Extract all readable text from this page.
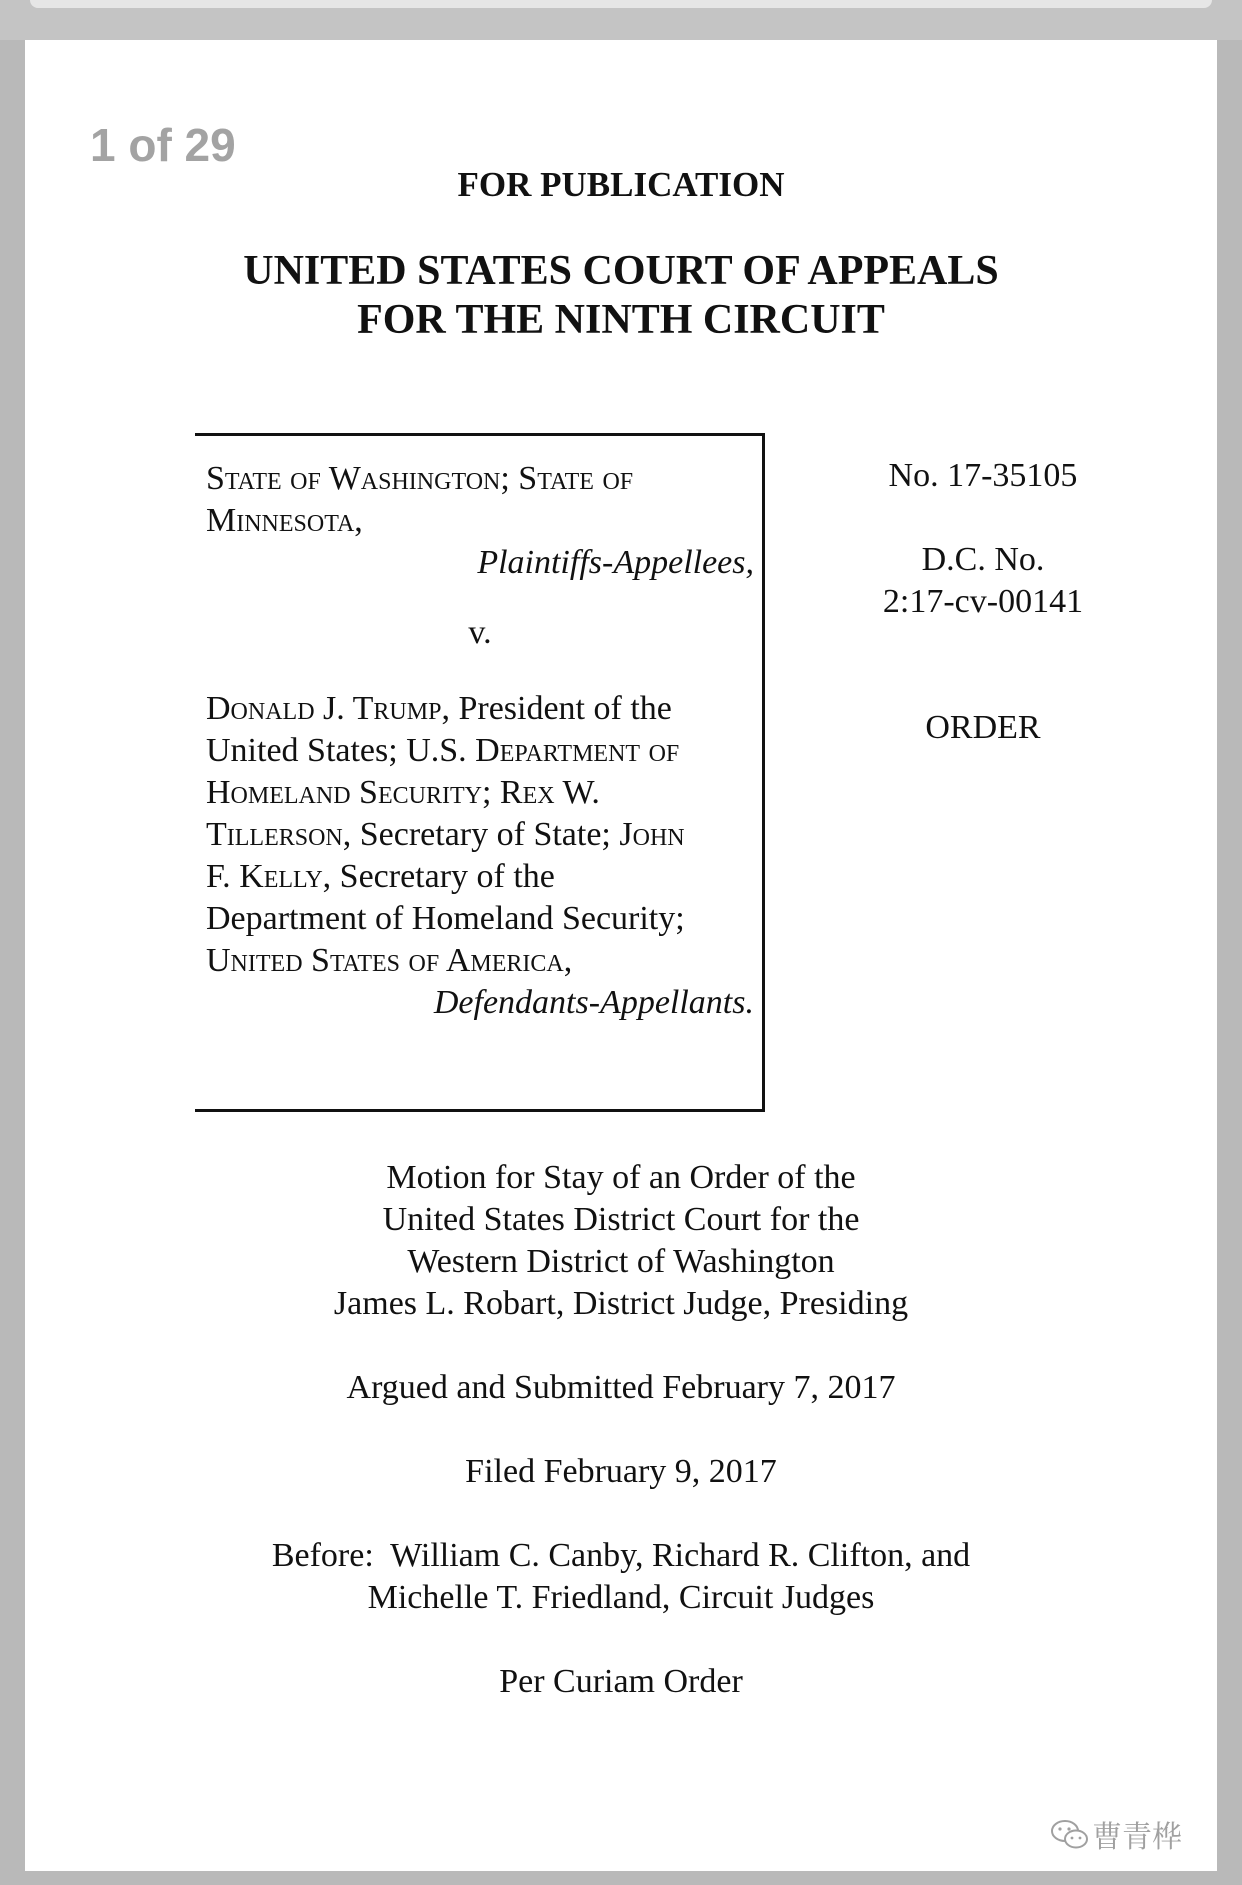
1 of 29
FOR PUBLICATION
UNITED STATES COURT OF APPEALS
FOR THE NINTH CIRCUIT
State of Washington; State of
Minnesota,
Plaintiffs-Appellees,
v.
Donald J. Trump, President of the
United States; U.S. Department of
Homeland Security; Rex W.
Tillerson, Secretary of State; John
F. Kelly, Secretary of the
Department of Homeland Security;
United States of America,
Defendants-Appellants.
No. 17-35105
D.C. No.
2:17-cv-00141
ORDER
Motion for Stay of an Order of the
United States District Court for the
Western District of Washington
James L. Robart, District Judge, Presiding
Argued and Submitted February 7, 2017
Filed February 9, 2017
Before:  William C. Canby, Richard R. Clifton, and
Michelle T. Friedland, Circuit Judges
Per Curiam Order
曹青桦
